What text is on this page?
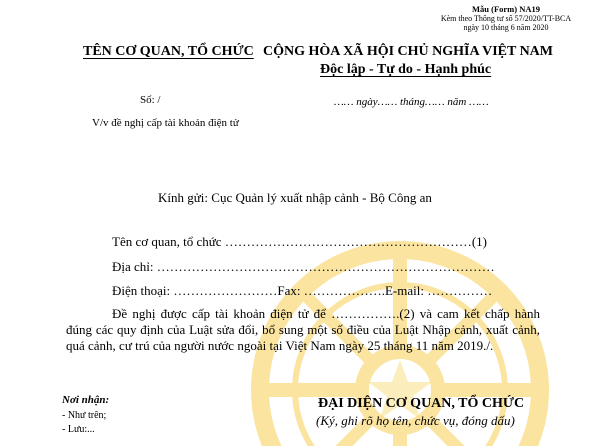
Mẫu (Form) NA19
Kèm theo Thông tư số 57/2020/TT-BCA
ngày 10 tháng 6 năm 2020
TÊN CƠ QUAN, TỔ CHỨC CỘNG HÒA XÃ HỘI CHỦ NGHĨA VIỆT NAM
Độc lập - Tự do - Hạnh phúc
Số: /	…… ngày…… tháng…… năm ……
V/v đề nghị cấp tài khoản điện tử
Kính gửi: Cục Quản lý xuất nhập cảnh - Bộ Công an
Tên cơ quan, tổ chức …………………………………………………(1)
Địa chỉ: ……………………………………………………………………
Điện thoại: ……………………Fax: ……………….E-mail: ……………
Đề nghị được cấp tài khoản điện tử để …………….(2) và cam kết chấp hành đúng các quy định của Luật sửa đổi, bổ sung một số điều của Luật Nhập cảnh, xuất cảnh, quá cảnh, cư trú của người nước ngoài tại Việt Nam ngày 25 tháng 11 năm 2019./.
Nơi nhận:
- Như trên;
- Lưu:...
ĐẠI DIỆN CƠ QUAN, TỔ CHỨC
(Ký, ghi rõ họ tên, chức vụ, đóng dấu)
